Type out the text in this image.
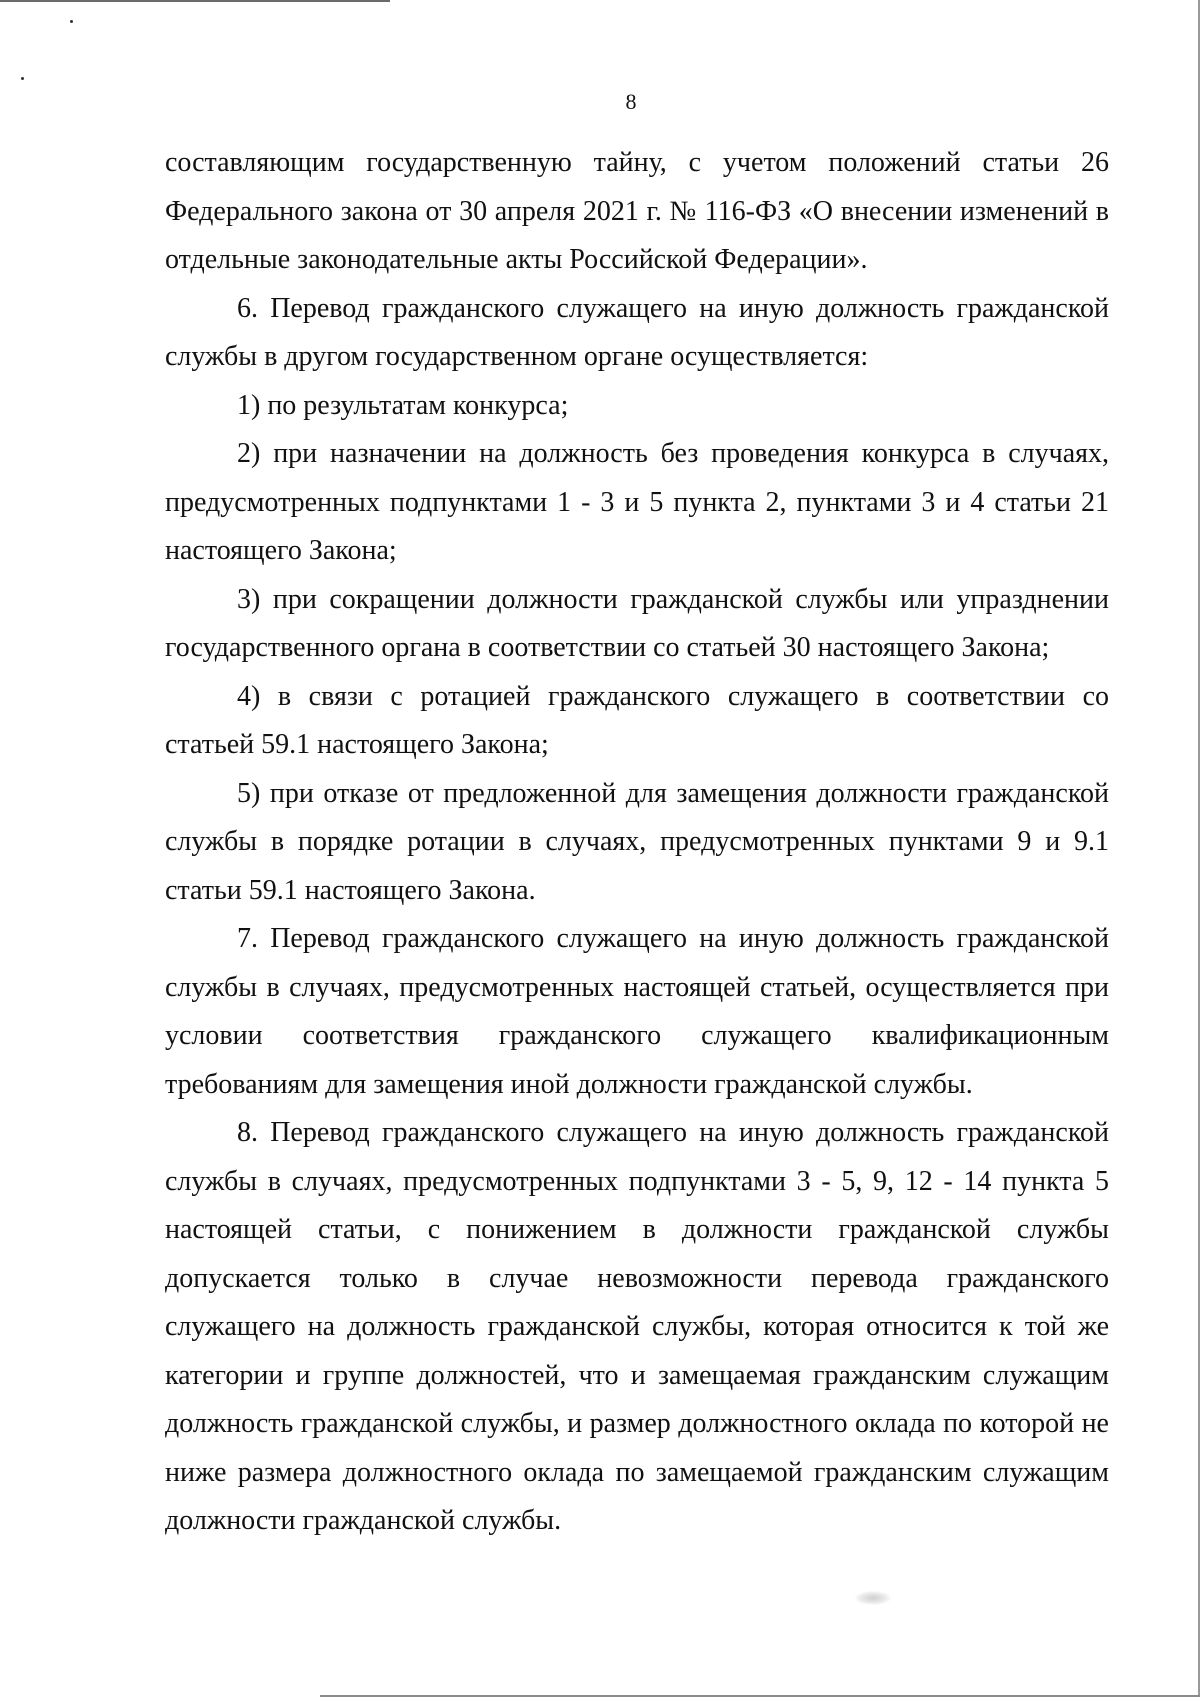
8

составляющим государственную тайну, с учетом положений статьи 26 Федерального закона от 30 апреля 2021 г. № 116-ФЗ «О внесении изменений в отдельные законодательные акты Российской Федерации».

6. Перевод гражданского служащего на иную должность гражданской службы в другом государственном органе осуществляется:

1) по результатам конкурса;

2) при назначении на должность без проведения конкурса в случаях, предусмотренных подпунктами 1 - 3 и 5 пункта 2, пунктами 3 и 4 статьи 21 настоящего Закона;

3) при сокращении должности гражданской службы или упразднении государственного органа в соответствии со статьей 30 настоящего Закона;

4) в связи с ротацией гражданского служащего в соответствии со статьей 59.1 настоящего Закона;

5) при отказе от предложенной для замещения должности гражданской службы в порядке ротации в случаях, предусмотренных пунктами 9 и 9.1 статьи 59.1 настоящего Закона.

7. Перевод гражданского служащего на иную должность гражданской службы в случаях, предусмотренных настоящей статьей, осуществляется при условии соответствия гражданского служащего квалификационным требованиям для замещения иной должности гражданской службы.

8. Перевод гражданского служащего на иную должность гражданской службы в случаях, предусмотренных подпунктами 3 - 5, 9, 12 - 14 пункта 5 настоящей статьи, с понижением в должности гражданской службы допускается только в случае невозможности перевода гражданского служащего на должность гражданской службы, которая относится к той же категории и группе должностей, что и замещаемая гражданским служащим должность гражданской службы, и размер должностного оклада по которой не ниже размера должностного оклада по замещаемой гражданским служащим должности гражданской службы.
